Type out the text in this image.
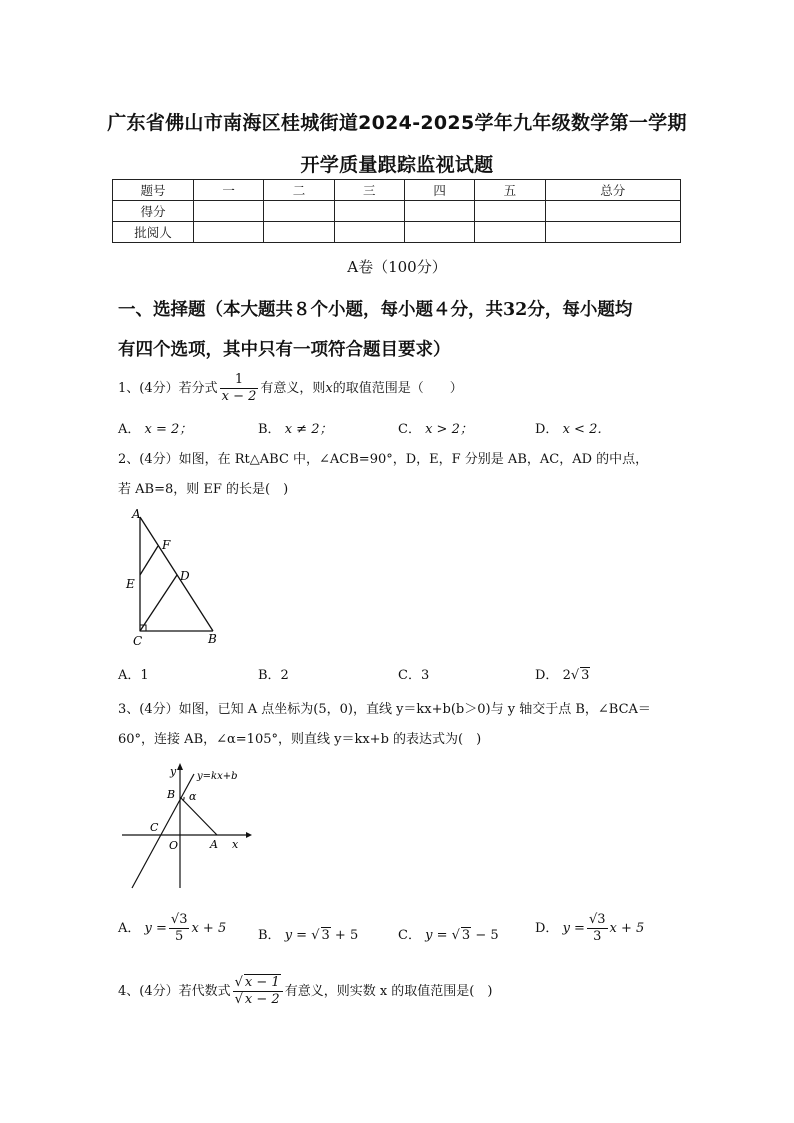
广东省佛山市南海区桂城街道2024-2025学年九年级数学第一学期
开学质量跟踪监视试题
题号	一	二	三	四	五	总分
得分						
批阅人						
A卷（100分）
一、选择题（本大题共８个小题，每小题４分，共32分，每小题均
有四个选项，其中只有一项符合题目要求）
1、(4分）若分式 $\frac{1}{x - 2}$ 有意义，则x的取值范围是（　　）
A． x = 2；	B． x ≠ 2；	C． x > 2；	D． x < 2．
2、(4分）如图，在 Rt△ABC 中，∠ACB=90°，D，E，F 分别是 AB，AC，AD 的中点，
若 AB=8，则 EF 的长是(　)
A
F
D
E
C	B
A．1	B．2	C．3	D． 2√ 3
3、(4分）如图，已知 A 点坐标为(5，0)，直线 y＝kx+b(b＞0)与 y 轴交于点 B，∠BCA＝
60°，连接 AB，∠α=105°，则直线 y＝kx+b 的表达式为(　)
y y=kx+b
B α
C
O	A x
A． $y = \frac{√3}{5}$ x + 5 B． y = √ 3 + 5	C． y = √ 3 − 5	D． $y = \frac{√3}{3}$ x + 5
4、(4分）若代数式 $\frac{√ x - 1}{√ x - 2}$ 有意义，则实数 x 的取值范围是(　)
